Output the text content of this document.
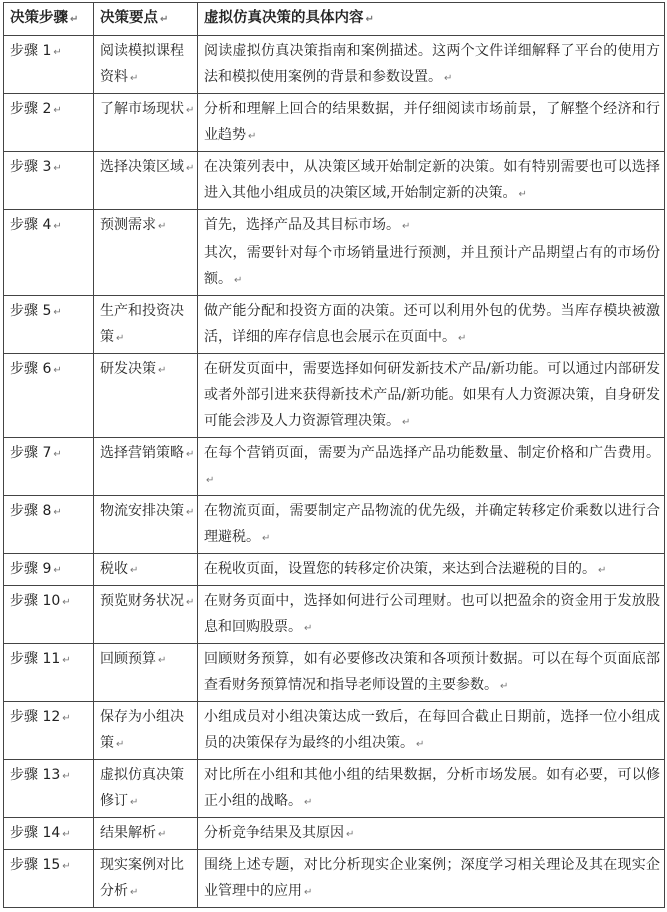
决策步骤 ↵	决策要点 ↵	虚拟仿真决策的具体内容 ↵
步骤 1 ↵	阅读模拟课程资料 ↵	阅读虚拟仿真决策指南和案例描述。这两个文件详细解释了平台的使用方法和模拟使用案例的背景和参数设置。 ↵

步骤 2 ↵	了解市场现状 ↵	分析和理解上回合的结果数据，并仔细阅读市场前景，了解整个经济和行业趋势 ↵

步骤 3 ↵	选择决策区域 ↵	在决策列表中，从决策区域开始制定新的决策。如有特别需要也可以选择进入其他小组成员的决策区域,开始制定新的决策。 ↵

步骤 4 ↵	预测需求 ↵	首先，选择产品及其目标市场。 ↵
其次，需要针对每个市场销量进行预测，并且预计产品期望占有的市场份额。 ↵

步骤 5 ↵	生产和投资决策 ↵	做产能分配和投资方面的决策。还可以利用外包的优势。当库存模块被激活，详细的库存信息也会展示在页面中。 ↵

步骤 6 ↵	研发决策 ↵	在研发页面中，需要选择如何研发新技术产品/新功能。可以通过内部研发或者外部引进来获得新技术产品/新功能。如果有人力资源决策，自身研发可能会涉及人力资源管理决策。 ↵

步骤 7 ↵	选择营销策略 ↵	在每个营销页面，需要为产品选择产品功能数量、制定价格和广告费用。↵

步骤 8 ↵	物流安排决策 ↵	在物流页面，需要制定产品物流的优先级，并确定转移定价乘数以进行合理避税。 ↵

步骤 9 ↵	税收 ↵	在税收页面，设置您的转移定价决策，来达到合法避税的目的。 ↵

步骤 10 ↵	预览财务状况 ↵	在财务页面中，选择如何进行公司理财。也可以把盈余的资金用于发放股息和回购股票。 ↵

步骤 11 ↵	回顾预算 ↵	回顾财务预算，如有必要修改决策和各项预计数据。可以在每个页面底部查看财务预算情况和指导老师设置的主要参数。 ↵

步骤 12 ↵	保存为小组决策 ↵	小组成员对小组决策达成一致后，在每回合截止日期前，选择一位小组成员的决策保存为最终的小组决策。 ↵

步骤 13 ↵	虚拟仿真决策修订 ↵	对比所在小组和其他小组的结果数据，分析市场发展。如有必要，可以修正小组的战略。 ↵

步骤 14 ↵	结果解析 ↵	分析竞争结果及其原因 ↵

步骤 15 ↵	现实案例对比分析 ↵	围绕上述专题，对比分析现实企业案例；深度学习相关理论及其在现实企业管理中的应用 ↵
